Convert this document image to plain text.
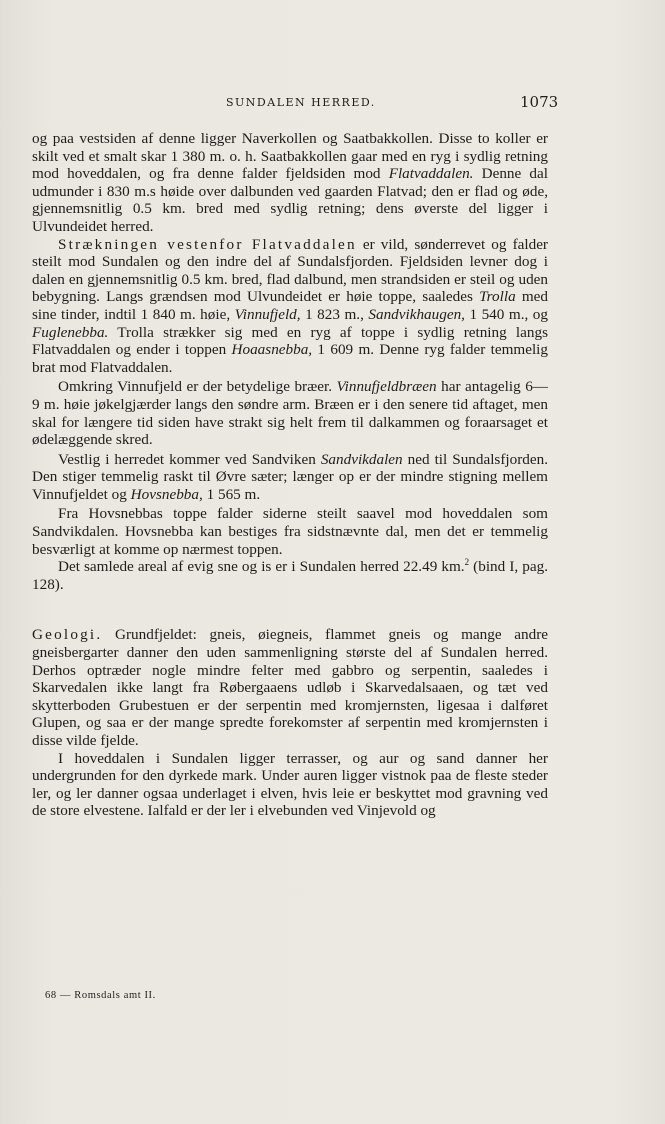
SUNDALEN HERRED.	1073

og paa vestsiden af denne ligger Naverkollen og Saatbakkollen. Disse to koller er skilt ved et smalt skar 1 380 m. o. h. Saatbakkollen gaar med en ryg i sydlig retning mod hoveddalen, og fra denne falder fjeldsiden mod Flatvaddalen. Denne dal udmunder i 830 m.s høide over dalbunden ved gaarden Flatvad; den er flad og øde, gjennemsnitlig 0.5 km. bred med sydlig retning; dens øverste del ligger i Ulvundeidet herred.

Strækningen vestenfor Flatvaddalen er vild, sønderrevet og falder steilt mod Sundalen og den indre del af Sundalsfjorden. Fjeldsiden levner dog i dalen en gjennemsnitlig 0.5 km. bred, flad dalbund, men strandsiden er steil og uden bebygning. Langs grændsen mod Ulvundeidet er høie toppe, saaledes Trolla med sine tinder, indtil 1 840 m. høie, Vinnufjeld, 1 823 m., Sandvikhaugen, 1 540 m., og Fuglenebba. Trolla strækker sig med en ryg af toppe i sydlig retning langs Flatvaddalen og ender i toppen Hoaasnebba, 1 609 m. Denne ryg falder temmelig brat mod Flatvaddalen.

Omkring Vinnufjeld er der betydelige bræer. Vinnufjeldbræen har antagelig 6—9 m. høie jøkelgjærder langs den søndre arm. Bræen er i den senere tid aftaget, men skal for længere tid siden have strakt sig helt frem til dalkammen og foraarsaget et ødelæggende skred.

Vestlig i herredet kommer ved Sandviken Sandvikdalen ned til Sundalsfjorden. Den stiger temmelig raskt til Øvre sæter; længer op er der mindre stigning mellem Vinnufjeldet og Hovsnebba, 1 565 m.

Fra Hovsnebbas toppe falder siderne steilt saavel mod hoveddalen som Sandvikdalen. Hovsnebba kan bestiges fra sidstnævnte dal, men det er temmelig besværligt at komme op nærmest toppen.

Det samlede areal af evig sne og is er i Sundalen herred 22.49 km.$^2$ (bind I, pag. 128).

Geologi. Grundfjeldet: gneis, øiegneis, flammet gneis og mange andre gneisbergarter danner den uden sammenligning største del af Sundalen herred. Derhos optræder nogle mindre felter med gabbro og serpentin, saaledes i Skarvedalen ikke langt fra Røbergaaens udløb i Skarvedalsaaen, og tæt ved skytterboden Grubestuen er der serpentin med kromjernsten, ligesaa i dalføret Glupen, og saa er der mange spredte forekomster af serpentin med kromjernsten i disse vilde fjelde.

I hoveddalen i Sundalen ligger terrasser, og aur og sand danner her undergrunden for den dyrkede mark. Under auren ligger vistnok paa de fleste steder ler, og ler danner ogsaa underlaget i elven, hvis leie er beskyttet mod gravning ved de store elvestene. Ialfald er der ler i elvebunden ved Vinjevold og

68 — Romsdals amt II.
